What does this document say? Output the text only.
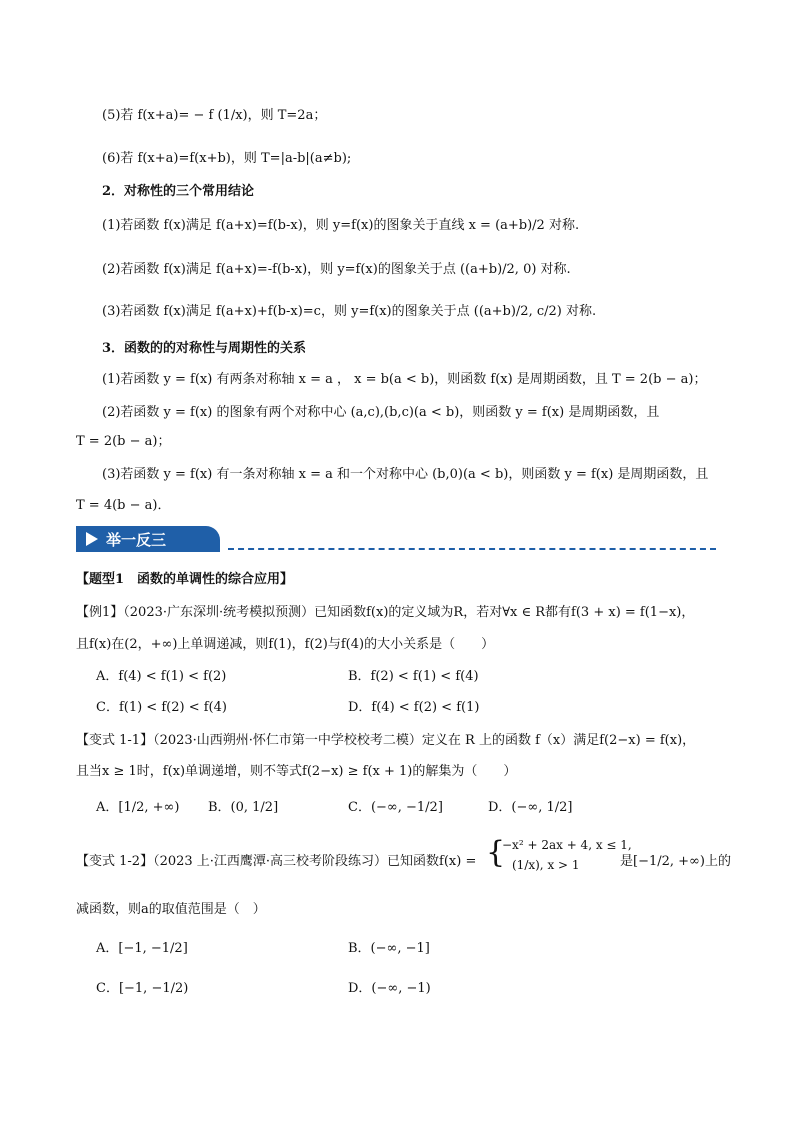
(5)若 f(x+a)= − f (1/x)，则 T=2a；
(6)若 f(x+a)=f(x+b)，则 T=|a-b|(a≠b);
2．对称性的三个常用结论
(1)若函数 f(x)满足 f(a+x)=f(b-x)，则 y=f(x)的图象关于直线 x = (a+b)/2 对称.
(2)若函数 f(x)满足 f(a+x)=-f(b-x)，则 y=f(x)的图象关于点 ((a+b)/2, 0) 对称.
(3)若函数 f(x)满足 f(a+x)+f(b-x)=c，则 y=f(x)的图象关于点 ((a+b)/2, c/2) 对称.
3．函数的的对称性与周期性的关系
(1)若函数 y = f(x) 有两条对称轴 x = a ， x = b(a < b)，则函数 f(x) 是周期函数，且 T = 2(b − a)；
(2)若函数 y = f(x) 的图象有两个对称中心 (a,c),(b,c)(a < b)，则函数 y = f(x) 是周期函数，且
T = 2(b − a)；
(3)若函数 y = f(x) 有一条对称轴 x = a 和一个对称中心 (b,0)(a < b)，则函数 y = f(x) 是周期函数，且
T = 4(b − a)．
举一反三
【题型1　函数的单调性的综合应用】
【例1】（2023·广东深圳·统考模拟预测）已知函数f(x)的定义域为R，若对∀x ∈ R都有f(3 + x) = f(1−x)，
且f(x)在(2，+∞)上单调递减，则f(1)，f(2)与f(4)的大小关系是（　　）
A．f(4) < f(1) < f(2)	B．f(2) < f(1) < f(4)
C．f(1) < f(2) < f(4)	D．f(4) < f(2) < f(1)
【变式 1-1】（2023·山西朔州·怀仁市第一中学校校考二模）定义在 R 上的函数 f（x）满足f(2−x) = f(x)，
且当x ≥ 1时，f(x)单调递增，则不等式f(2−x) ≥ f(x + 1)的解集为（　　）
A．[1/2, +∞) B．(0, 1/2]	C．(−∞, −1/2]	D．(−∞, 1/2]
【变式 1-2】（2023 上·江西鹰潭·高三校考阶段练习）已知函数f(x) = {
−x² + 2ax + 4, x ≤ 1,
(1/x), x > 1	是[−1/2, +∞)上的
减函数，则a的取值范围是（　）
A．[−1, −1/2]	B．(−∞, −1]
C．[−1, −1/2)	D．(−∞, −1)
